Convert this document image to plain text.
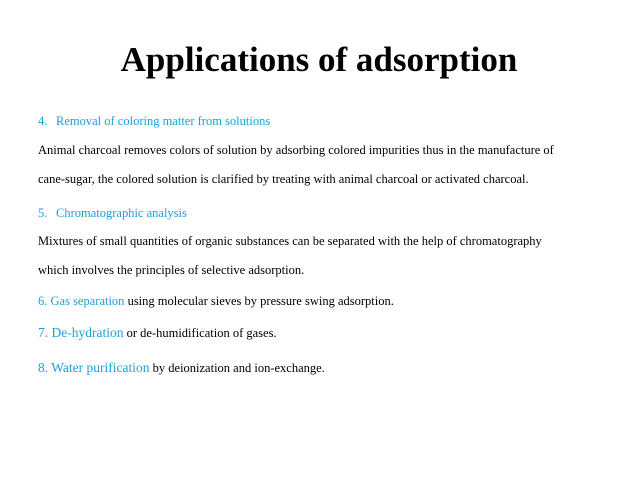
Applications of adsorption
4. Removal of coloring matter from solutions
Animal charcoal removes colors of solution by adsorbing colored impurities thus in the manufacture of
cane-sugar, the colored solution is clarified by treating with animal charcoal or activated charcoal.
5. Chromatographic analysis
Mixtures of small quantities of organic substances can be separated with the help of chromatography
which involves the principles of selective adsorption.
6. Gas separation using molecular sieves by pressure swing adsorption.
7. De-hydration or de-humidification of gases.
8. Water purification by deionization and ion-exchange.
